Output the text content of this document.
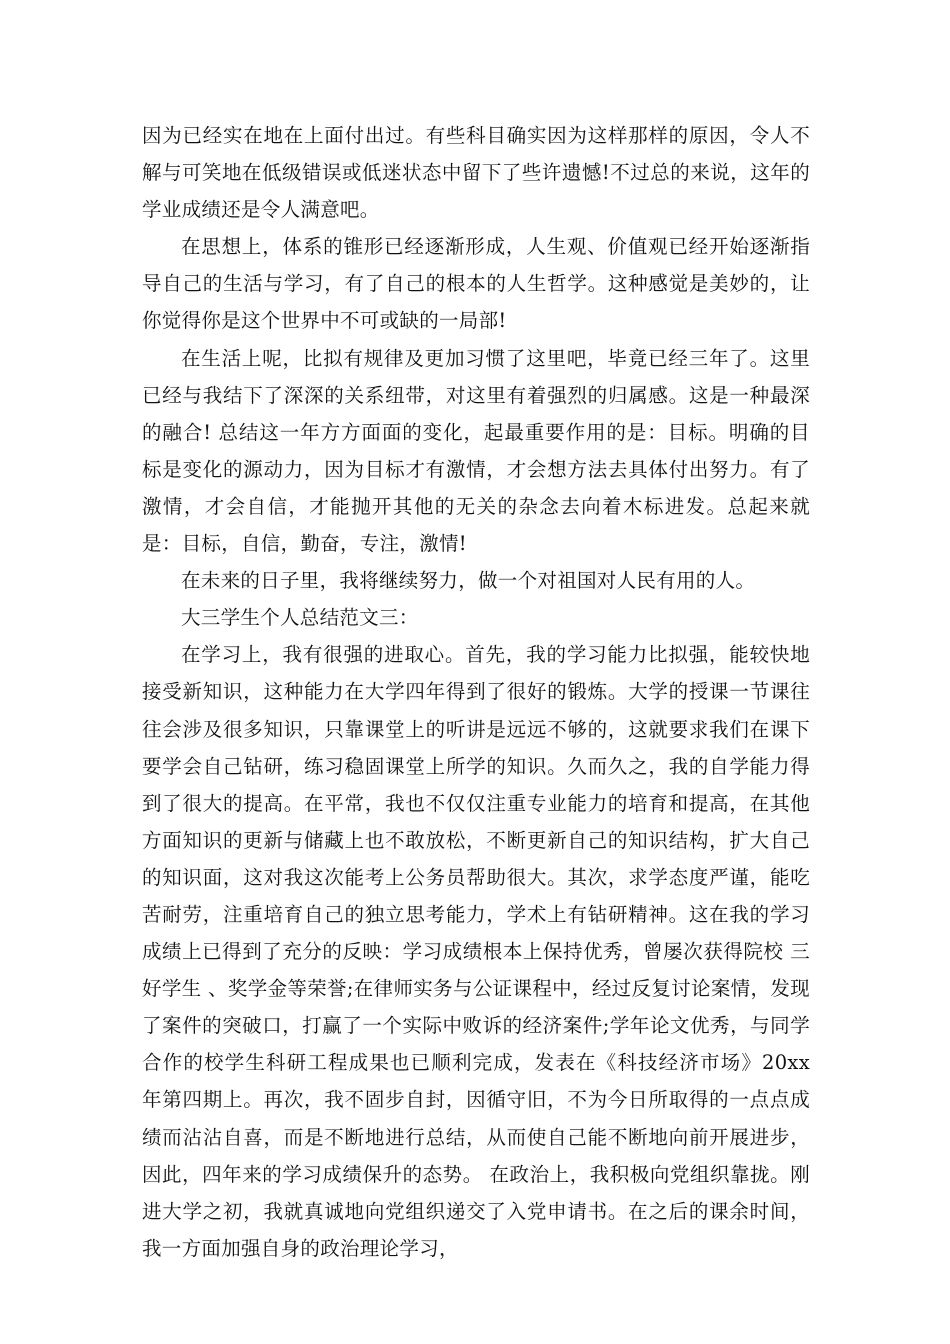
因为已经实在地在上面付出过。有些科目确实因为这样那样的原因，令人不解与可笑地在低级错误或低迷状态中留下了些许遗憾!不过总的来说，这年的学业成绩还是令人满意吧。

在思想上，体系的锥形已经逐渐形成，人生观、价值观已经开始逐渐指导自己的生活与学习，有了自己的根本的人生哲学。这种感觉是美妙的，让你觉得你是这个世界中不可或缺的一局部!

在生活上呢，比拟有规律及更加习惯了这里吧，毕竟已经三年了。这里已经与我结下了深深的关系纽带，对这里有着强烈的归属感。这是一种最深的融合! 总结这一年方方面面的变化，起最重要作用的是：目标。明确的目标是变化的源动力，因为目标才有激情，才会想方法去具体付出努力。有了激情，才会自信，才能抛开其他的无关的杂念去向着木标进发。总起来就是：目标，自信，勤奋，专注，激情!

在未来的日子里，我将继续努力，做一个对祖国对人民有用的人。

大三学生个人总结范文三：

在学习上，我有很强的进取心。首先，我的学习能力比拟强，能较快地接受新知识，这种能力在大学四年得到了很好的锻炼。大学的授课一节课往往会涉及很多知识，只靠课堂上的听讲是远远不够的，这就要求我们在课下要学会自己钻研，练习稳固课堂上所学的知识。久而久之，我的自学能力得到了很大的提高。在平常，我也不仅仅注重专业能力的培育和提高，在其他方面知识的更新与储藏上也不敢放松，不断更新自己的知识结构，扩大自己的知识面，这对我这次能考上公务员帮助很大。其次，求学态度严谨，能吃苦耐劳，注重培育自己的独立思考能力，学术上有钻研精神。这在我的学习成绩上已得到了充分的反映：学习成绩根本上保持优秀，曾屡次获得院校 三好学生 、奖学金等荣誉;在律师实务与公证课程中，经过反复讨论案情，发现了案件的突破口，打赢了一个实际中败诉的经济案件;学年论文优秀，与同学合作的校学生科研工程成果也已顺利完成，发表在《科技经济市场》20xx 年第四期上。再次，我不固步自封，因循守旧，不为今日所取得的一点点成绩而沾沾自喜，而是不断地进行总结，从而使自己能不断地向前开展进步，因此，四年来的学习成绩保升的态势。 在政治上，我积极向党组织靠拢。刚进大学之初，我就真诚地向党组织递交了入党申请书。在之后的课余时间，我一方面加强自身的政治理论学习，
